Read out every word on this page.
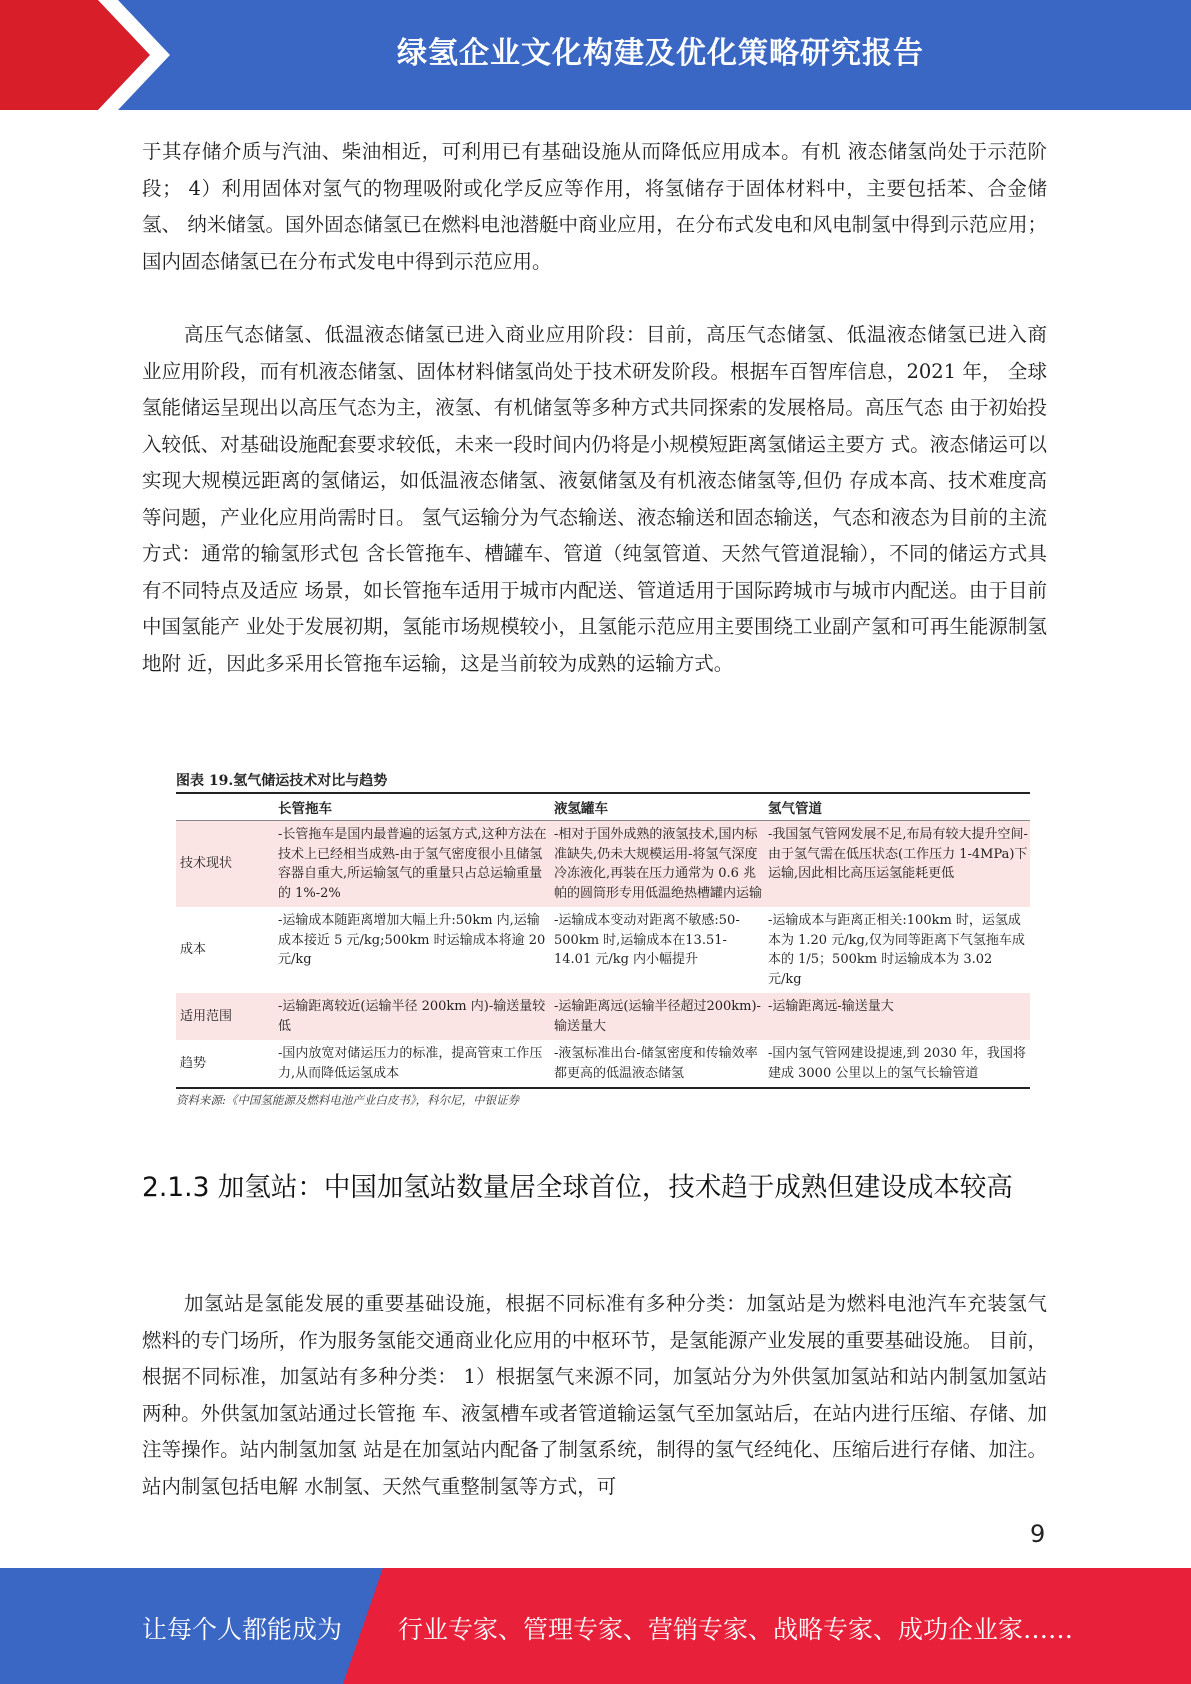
绿氢企业文化构建及优化策略研究报告

于其存储介质与汽油、柴油相近，可利用已有基础设施从而降低应用成本。有机 液态储氢尚处于示范阶段； 4）利用固体对氢气的物理吸附或化学反应等作用，将氢储存于固体材料中，主要包括苯、合金储氢、 纳米储氢。国外固态储氢已在燃料电池潜艇中商业应用，在分布式发电和风电制氢中得到示范应用； 国内固态储氢已在分布式发电中得到示范应用。

高压气态储氢、低温液态储氢已进入商业应用阶段：目前，高压气态储氢、低温液态储氢已进入商 业应用阶段，而有机液态储氢、固体材料储氢尚处于技术研发阶段。根据车百智库信息，2021 年， 全球氢能储运呈现出以高压气态为主，液氢、有机储氢等多种方式共同探索的发展格局。高压气态 由于初始投入较低、对基础设施配套要求较低，未来一段时间内仍将是小规模短距离氢储运主要方 式。液态储运可以实现大规模远距离的氢储运，如低温液态储氢、液氨储氢及有机液态储氢等,但仍 存成本高、技术难度高等问题，产业化应用尚需时日。 氢气运输分为气态输送、液态输送和固态输送，气态和液态为目前的主流方式：通常的输氢形式包 含长管拖车、槽罐车、管道（纯氢管道、天然气管道混输），不同的储运方式具有不同特点及适应 场景，如长管拖车适用于城市内配送、管道适用于国际跨城市与城市内配送。由于目前中国氢能产 业处于发展初期，氢能市场规模较小，且氢能示范应用主要围绕工业副产氢和可再生能源制氢地附 近，因此多采用长管拖车运输，这是当前较为成熟的运输方式。

图表 19.氢气储运技术对比与趋势
	长管拖车	液氢罐车	氢气管道
技术现状	-长管拖车是国内最普遍的运氢方式,这种方法在技术上已经相当成熟-由于氢气密度很小且储氢容器自重大,所运输氢气的重量只占总运输重量的 1%-2%	-相对于国外成熟的液氢技术,国内标准缺失,仍未大规模运用-将氢气深度冷冻液化,再装在压力通常为 0.6 兆帕的圆筒形专用低温绝热槽罐内运输	-我国氢气管网发展不足,布局有较大提升空间-由于氢气需在低压状态(工作压力 1-4MPa)下运输,因此相比高压运氢能耗更低
成本	-运输成本随距离增加大幅上升:50km 内,运输成本接近 5 元/kg;500km 时运输成本将逾 20 元/kg	-运输成本变动对距离不敏感:50-500km 时,运输成本在13.51-14.01 元/kg 内小幅提升	-运输成本与距离正相关:100km 时，运氢成本为 1.20 元/kg,仅为同等距离下气氢拖车成本的 1/5；500km 时运输成本为 3.02 元/kg
适用范围	-运输距离较近(运输半径 200km 内)-输送量较低	-运输距离远(运输半径超过200km)-输送量大	-运输距离远-输送量大
趋势	-国内放宽对储运压力的标准，提高管束工作压力,从而降低运氢成本	-液氢标准出台-储氢密度和传输效率都更高的低温液态储氢	-国内氢气管网建设提速,到 2030 年，我国将建成 3000 公里以上的氢气长输管道
资料来源:《中国氢能源及燃料电池产业白皮书》，科尔尼，中银证券
2.1.3 加氢站：中国加氢站数量居全球首位，技术趋于成熟但建设成本较高

加氢站是氢能发展的重要基础设施，根据不同标准有多种分类：加氢站是为燃料电池汽车充装氢气 燃料的专门场所，作为服务氢能交通商业化应用的中枢环节，是氢能源产业发展的重要基础设施。 目前，根据不同标准，加氢站有多种分类： 1）根据氢气来源不同，加氢站分为外供氢加氢站和站内制氢加氢站两种。外供氢加氢站通过长管拖 车、液氢槽车或者管道输运氢气至加氢站后，在站内进行压缩、存储、加注等操作。站内制氢加氢 站是在加氢站内配备了制氢系统，制得的氢气经纯化、压缩后进行存储、加注。站内制氢包括电解 水制氢、天然气重整制氢等方式，可

9
让每个人都能成为 行业专家、管理专家、营销专家、战略专家、成功企业家……
